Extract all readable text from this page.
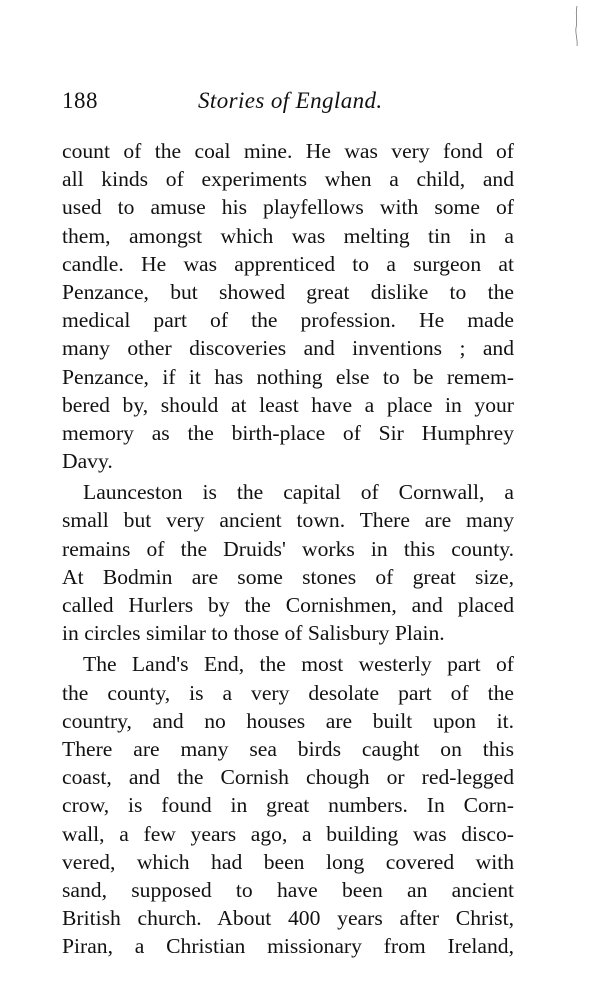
188	Stories of England.
count of the coal mine. He was very fond of
all kinds of experiments when a child, and
used to amuse his playfellows with some of
them, amongst which was melting tin in a
candle. He was apprenticed to a surgeon at
Penzance, but showed great dislike to the
medical part of the profession. He made
many other discoveries and inventions ; and
Penzance, if it has nothing else to be remem-
bered by, should at least have a place in your
memory as the birth-place of Sir Humphrey
Davy.
Launceston is the capital of Cornwall, a
small but very ancient town. There are many
remains of the Druids' works in this county.
At Bodmin are some stones of great size,
called Hurlers by the Cornishmen, and placed
in circles similar to those of Salisbury Plain.
The Land's End, the most westerly part of
the county, is a very desolate part of the
country, and no houses are built upon it.
There are many sea birds caught on this
coast, and the Cornish chough or red-legged
crow, is found in great numbers. In Corn-
wall, a few years ago, a building was disco-
vered, which had been long covered with
sand, supposed to have been an ancient
British church. About 400 years after Christ,
Piran, a Christian missionary from Ireland,
